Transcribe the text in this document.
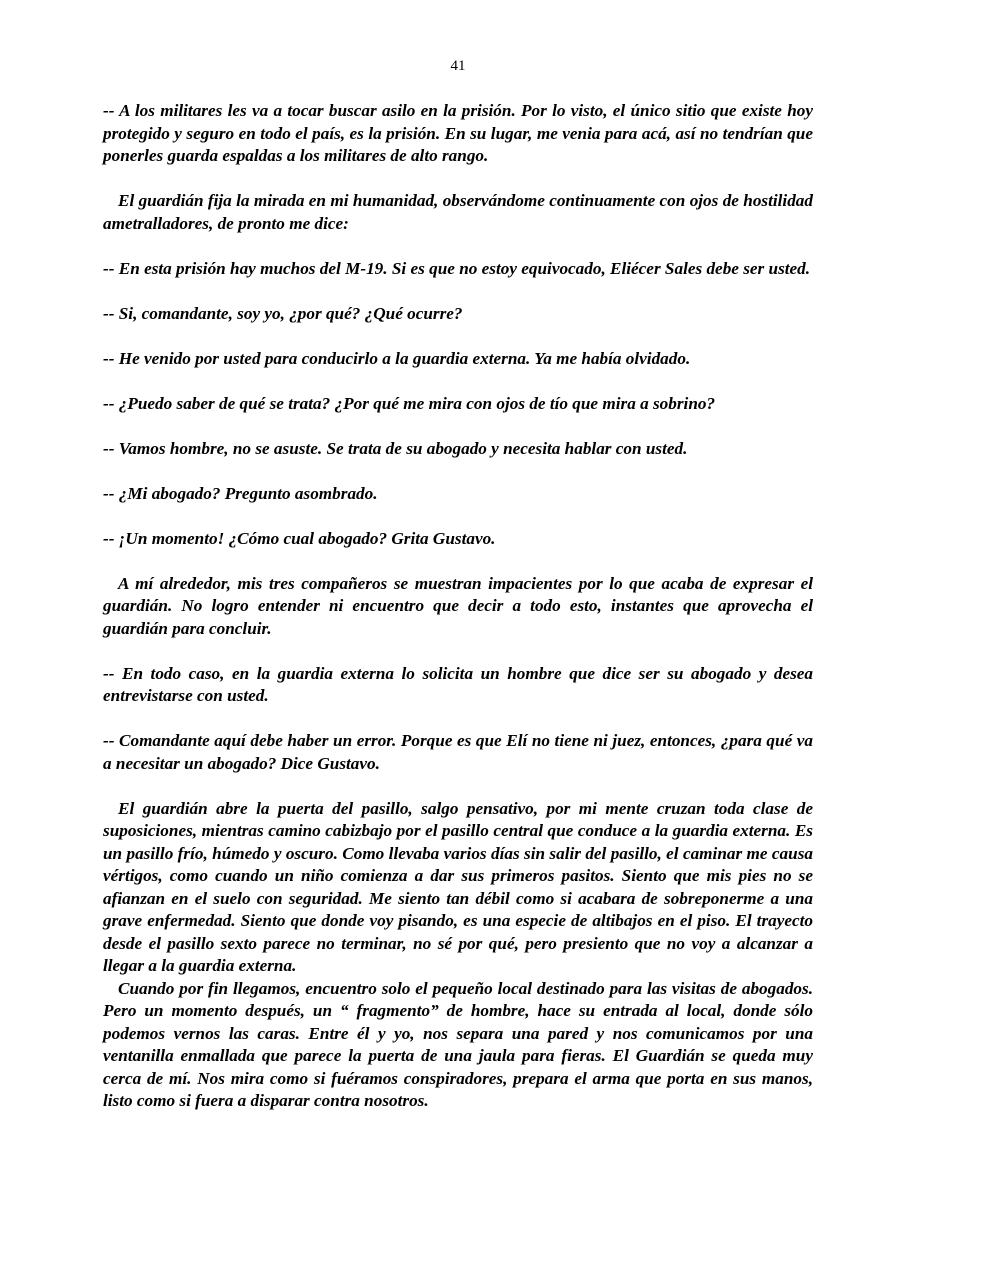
41

-- A los militares les va a tocar buscar asilo en la prisión. Por lo visto, el único sitio que existe hoy protegido y seguro en todo el país, es la prisión. En su lugar, me venia para acá, así no tendrían que ponerles guarda espaldas a los militares de alto rango.

El guardián fija la mirada en mi humanidad, observándome continuamente con ojos de hostilidad ametralladores, de pronto me dice:

-- En esta prisión hay muchos del M-19. Si es que no estoy equivocado, Eliécer Sales debe ser usted.

-- Si, comandante, soy yo, ¿por qué? ¿Qué ocurre?

-- He venido por usted para conducirlo a la guardia externa. Ya me había olvidado.

-- ¿Puedo saber de qué se trata? ¿Por qué me mira con ojos de tío que mira a sobrino?

-- Vamos hombre, no se asuste. Se trata de su abogado y necesita hablar con usted.

-- ¿Mi abogado? Pregunto asombrado.

-- ¡Un momento! ¿Cómo cual abogado? Grita Gustavo.

A mí alrededor, mis tres compañeros se muestran impacientes por lo que acaba de expresar el guardián. No logro entender ni encuentro que decir a todo esto, instantes que aprovecha el guardián para concluir.

-- En todo caso, en la guardia externa lo solicita un hombre que dice ser su abogado y desea entrevistarse con usted.

-- Comandante aquí debe haber un error. Porque es que Elí no tiene ni juez, entonces, ¿para qué va a necesitar un abogado? Dice Gustavo.

El guardián abre la puerta del pasillo, salgo pensativo, por mi mente cruzan toda clase de suposiciones, mientras camino cabizbajo por el pasillo central que conduce a la guardia externa. Es un pasillo frío, húmedo y oscuro. Como llevaba varios días sin salir del pasillo, el caminar me causa vértigos, como cuando un niño comienza a dar sus primeros pasitos. Siento que mis pies no se afianzan en el suelo con seguridad. Me siento tan débil como si acabara de sobreponerme a una grave enfermedad. Siento que donde voy pisando, es una especie de altibajos en el piso. El trayecto desde el pasillo sexto parece no terminar, no sé por qué, pero presiento que no voy a alcanzar a llegar a la guardia externa.

Cuando por fin llegamos, encuentro solo el pequeño local destinado para las visitas de abogados. Pero un momento después, un “ fragmento” de hombre, hace su entrada al local, donde sólo podemos vernos las caras. Entre él y yo, nos separa una pared y nos comunicamos por una ventanilla enmallada que parece la puerta de una jaula para fieras. El Guardián se queda muy cerca de mí. Nos mira como si fuéramos conspiradores, prepara el arma que porta en sus manos, listo como si fuera a disparar contra nosotros.
